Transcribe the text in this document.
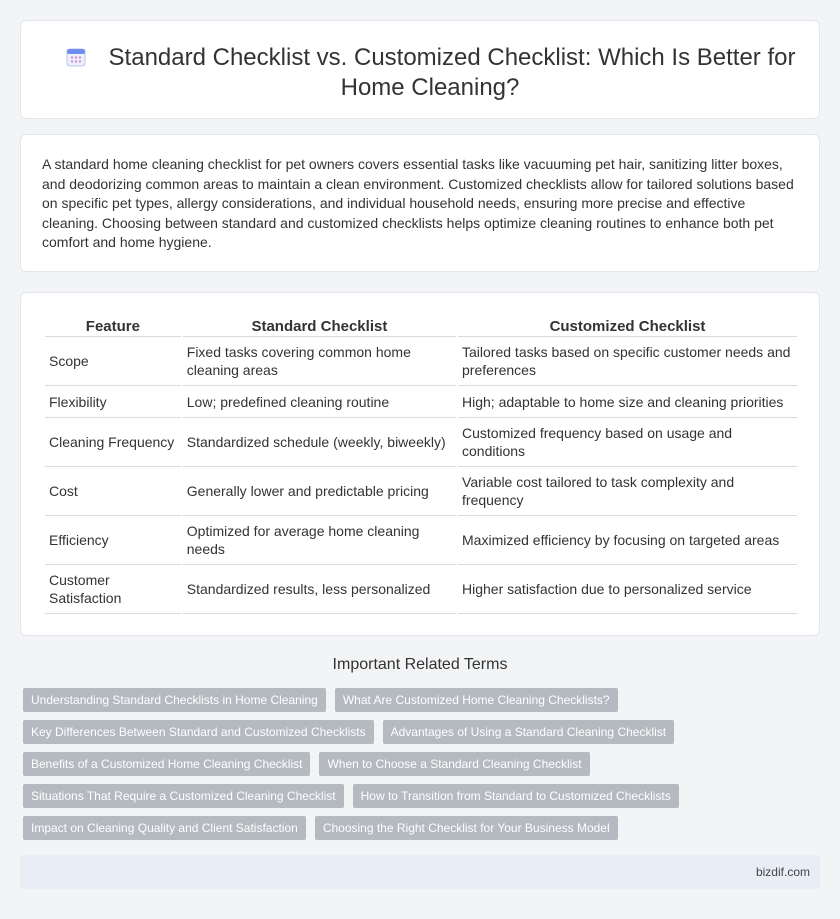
Standard Checklist vs. Customized Checklist: Which Is Better for Home Cleaning?

A standard home cleaning checklist for pet owners covers essential tasks like vacuuming pet hair, sanitizing litter boxes, and deodorizing common areas to maintain a clean environment. Customized checklists allow for tailored solutions based on specific pet types, allergy considerations, and individual household needs, ensuring more precise and effective cleaning. Choosing between standard and customized checklists helps optimize cleaning routines to enhance both pet comfort and home hygiene.

Feature	Standard Checklist	Customized Checklist
Scope	Fixed tasks covering common home cleaning areas	Tailored tasks based on specific customer needs and preferences
Flexibility	Low; predefined cleaning routine	High; adaptable to home size and cleaning priorities
Cleaning Frequency	Standardized schedule (weekly, biweekly)	Customized frequency based on usage and conditions
Cost	Generally lower and predictable pricing	Variable cost tailored to task complexity and frequency
Efficiency	Optimized for average home cleaning needs	Maximized efficiency by focusing on targeted areas
Customer Satisfaction	Standardized results, less personalized	Higher satisfaction due to personalized service
Important Related Terms
Understanding Standard Checklists in Home Cleaning	What Are Customized Home Cleaning Checklists?
Key Differences Between Standard and Customized Checklists	Advantages of Using a Standard Cleaning Checklist
Benefits of a Customized Home Cleaning Checklist	When to Choose a Standard Cleaning Checklist
Situations That Require a Customized Cleaning Checklist	How to Transition from Standard to Customized Checklists
Impact on Cleaning Quality and Client Satisfaction	Choosing the Right Checklist for Your Business Model
bizdif.com
